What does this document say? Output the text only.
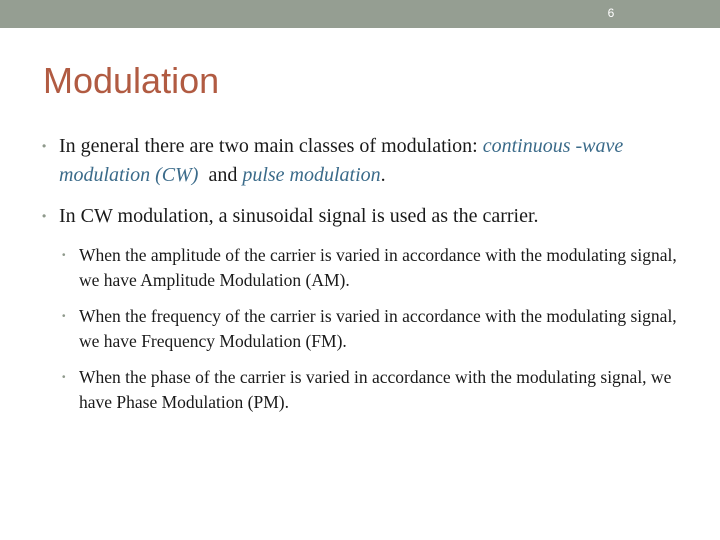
6
Modulation
• In general there are two main classes of modulation: continuous -wave modulation (CW)  and pulse modulation.
• In CW modulation, a sinusoidal signal is used as the carrier.
• When the amplitude of the carrier is varied in accordance with the modulating signal, we have Amplitude Modulation (AM).
• When the frequency of the carrier is varied in accordance with the modulating signal, we have Frequency Modulation (FM).
• When the phase of the carrier is varied in accordance with the modulating signal, we have Phase Modulation (PM).
